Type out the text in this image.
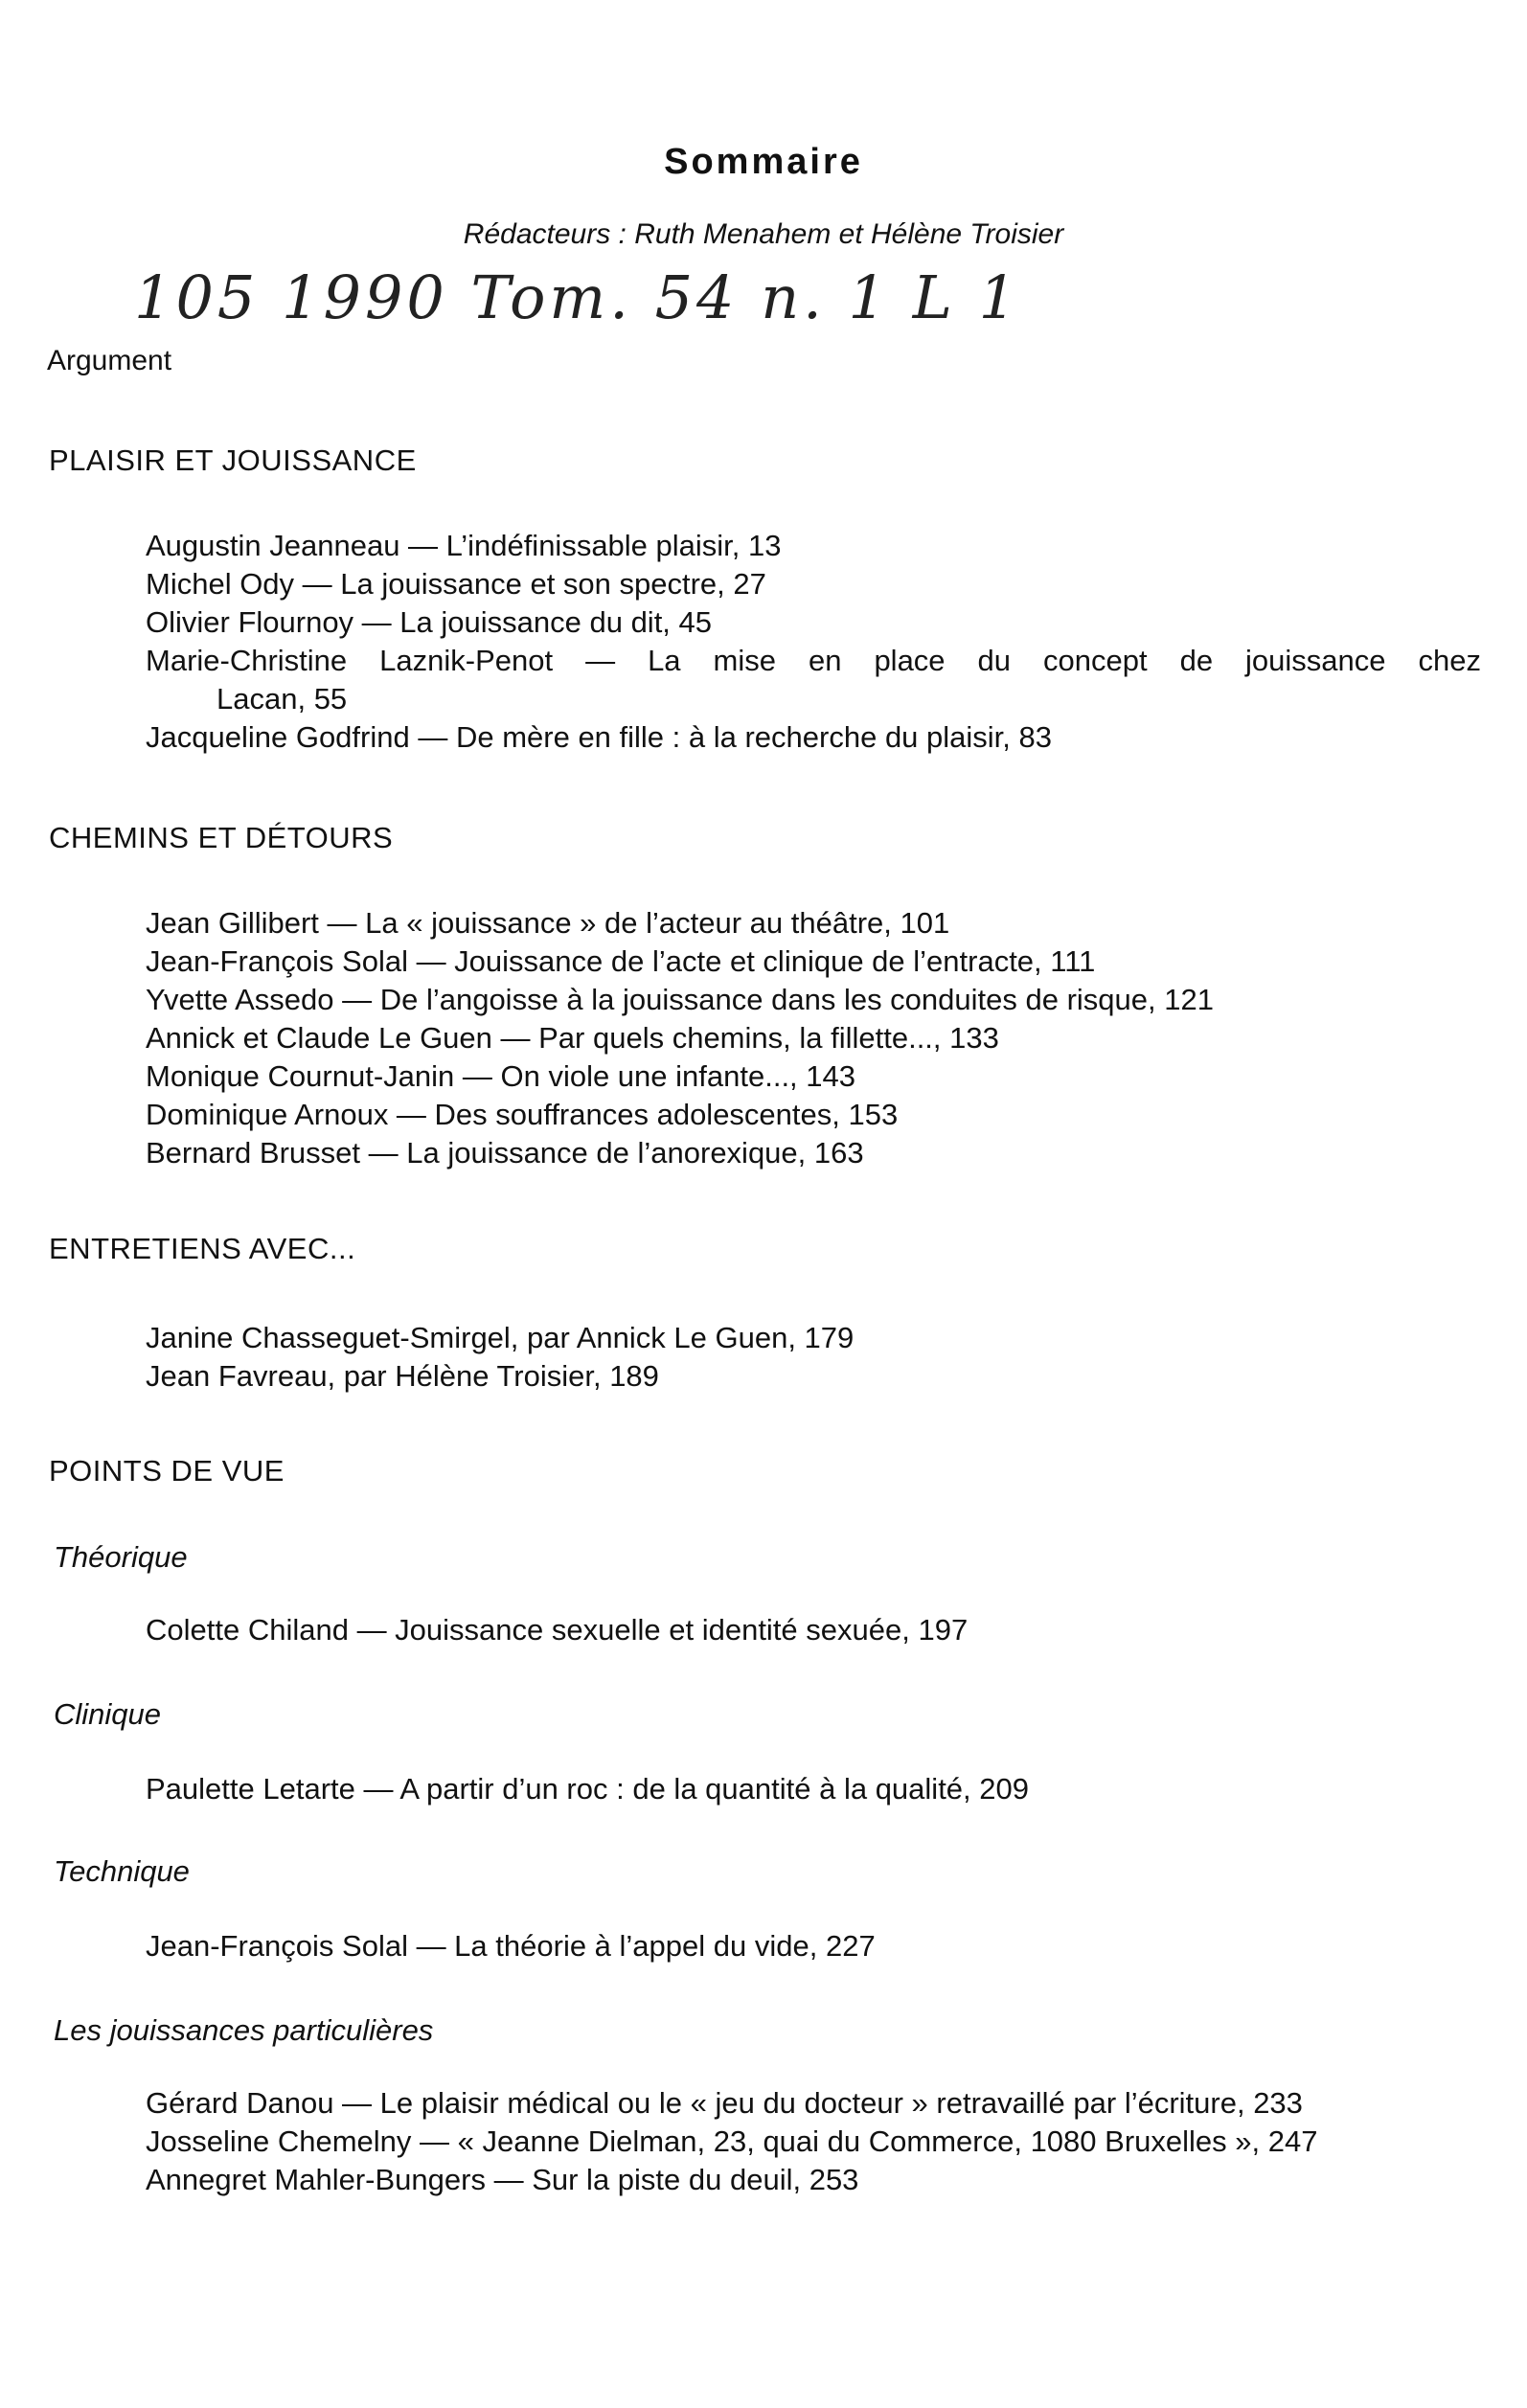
Sommaire
Rédacteurs : Ruth Menahem et Hélène Troisier
105 1990 Tom. 54 n. 1 L 1
Argument
PLAISIR ET JOUISSANCE

Augustin Jeanneau — L’indéfinissable plaisir, 13

Michel Ody — La jouissance et son spectre, 27

Olivier Flournoy — La jouissance du dit, 45

Marie-Christine Laznik-Penot — La mise en place du concept de jouissance chez

Lacan, 55

Jacqueline Godfrind — De mère en fille : à la recherche du plaisir, 83

CHEMINS ET DÉTOURS

Jean Gillibert — La « jouissance » de l’acteur au théâtre, 101

Jean-François Solal — Jouissance de l’acte et clinique de l’entracte, 111

Yvette Assedo — De l’angoisse à la jouissance dans les conduites de risque, 121

Annick et Claude Le Guen — Par quels chemins, la fillette..., 133

Monique Cournut-Janin — On viole une infante..., 143

Dominique Arnoux — Des souffrances adolescentes, 153

Bernard Brusset — La jouissance de l’anorexique, 163

ENTRETIENS AVEC...

Janine Chasseguet-Smirgel, par Annick Le Guen, 179

Jean Favreau, par Hélène Troisier, 189

POINTS DE VUE
Théorique

Colette Chiland — Jouissance sexuelle et identité sexuée, 197

Clinique

Paulette Letarte — A partir d’un roc : de la quantité à la qualité, 209

Technique

Jean-François Solal — La théorie à l’appel du vide, 227

Les jouissances particulières

Gérard Danou — Le plaisir médical ou le « jeu du docteur » retravaillé par l’écriture, 233

Josseline Chemelny — « Jeanne Dielman, 23, quai du Commerce, 1080 Bruxelles », 247

Annegret Mahler-Bungers — Sur la piste du deuil, 253
